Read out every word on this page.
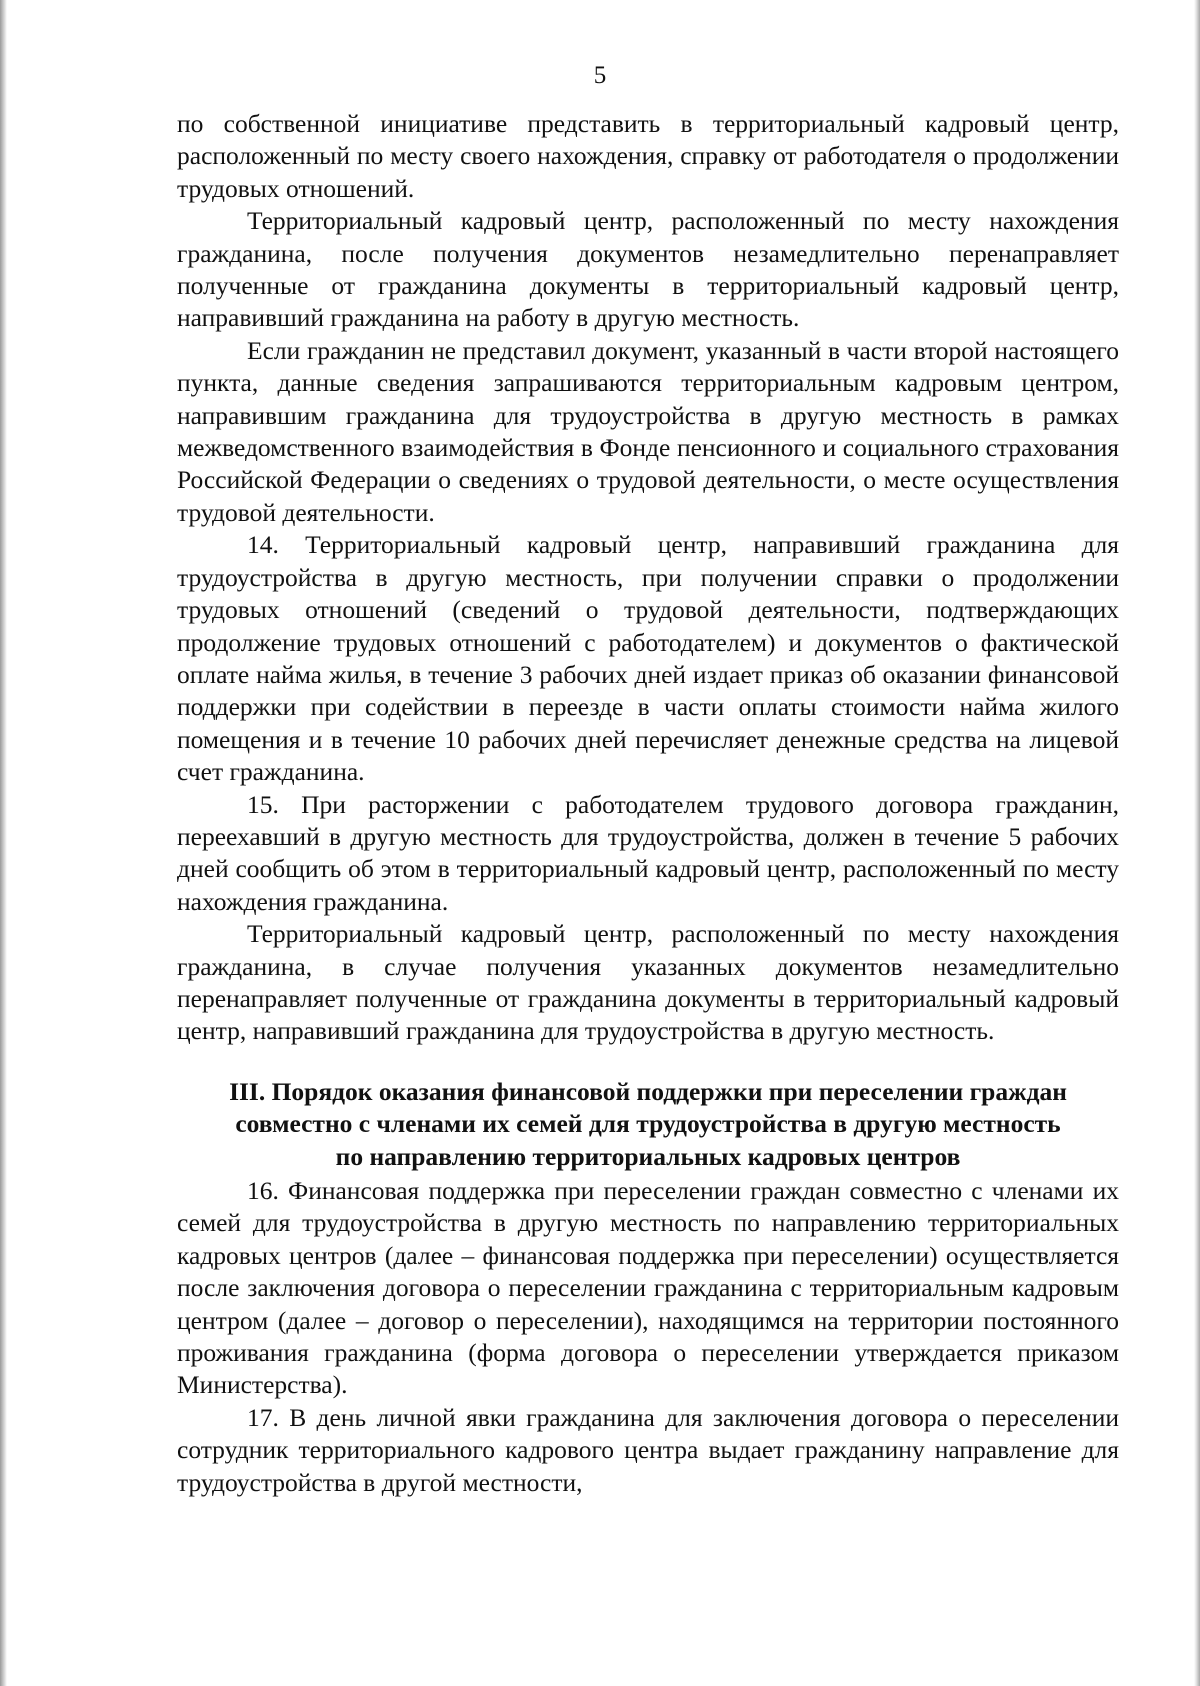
5

по собственной инициативе представить в территориальный кадровый центр, расположенный по месту своего нахождения, справку от работодателя о продолжении трудовых отношений.

Территориальный кадровый центр, расположенный по месту нахождения гражданина, после получения документов незамедлительно перенаправляет полученные от гражданина документы в территориальный кадровый центр, направивший гражданина на работу в другую местность.

Если гражданин не представил документ, указанный в части второй настоящего пункта, данные сведения запрашиваются территориальным кадровым центром, направившим гражданина для трудоустройства в другую местность в рамках межведомственного взаимодействия в Фонде пенсионного и социального страхования Российской Федерации о сведениях о трудовой деятельности, о месте осуществления трудовой деятельности.

14. Территориальный кадровый центр, направивший гражданина для трудоустройства в другую местность, при получении справки о продолжении трудовых отношений (сведений о трудовой деятельности, подтверждающих продолжение трудовых отношений с работодателем) и документов о фактической оплате найма жилья, в течение 3 рабочих дней издает приказ об оказании финансовой поддержки при содействии в переезде в части оплаты стоимости найма жилого помещения и в течение 10 рабочих дней перечисляет денежные средства на лицевой счет гражданина.

15. При расторжении с работодателем трудового договора гражданин, переехавший в другую местность для трудоустройства, должен в течение 5 рабочих дней сообщить об этом в территориальный кадровый центр, расположенный по месту нахождения гражданина.

Территориальный кадровый центр, расположенный по месту нахождения гражданина, в случае получения указанных документов незамедлительно перенаправляет полученные от гражданина документы в территориальный кадровый центр, направивший гражданина для трудоустройства в другую местность.

III. Порядок оказания финансовой поддержки при переселении граждан
совместно с членами их семей для трудоустройства в другую местность
по направлению территориальных кадровых центров

16. Финансовая поддержка при переселении граждан совместно с членами их семей для трудоустройства в другую местность по направлению территориальных кадровых центров (далее – финансовая поддержка при переселении) осуществляется после заключения договора о переселении гражданина с территориальным кадровым центром (далее – договор о переселении), находящимся на территории постоянного проживания гражданина (форма договора о переселении утверждается приказом Министерства).

17. В день личной явки гражданина для заключения договора о переселении сотрудник территориального кадрового центра выдает гражданину направление для трудоустройства в другой местности,
